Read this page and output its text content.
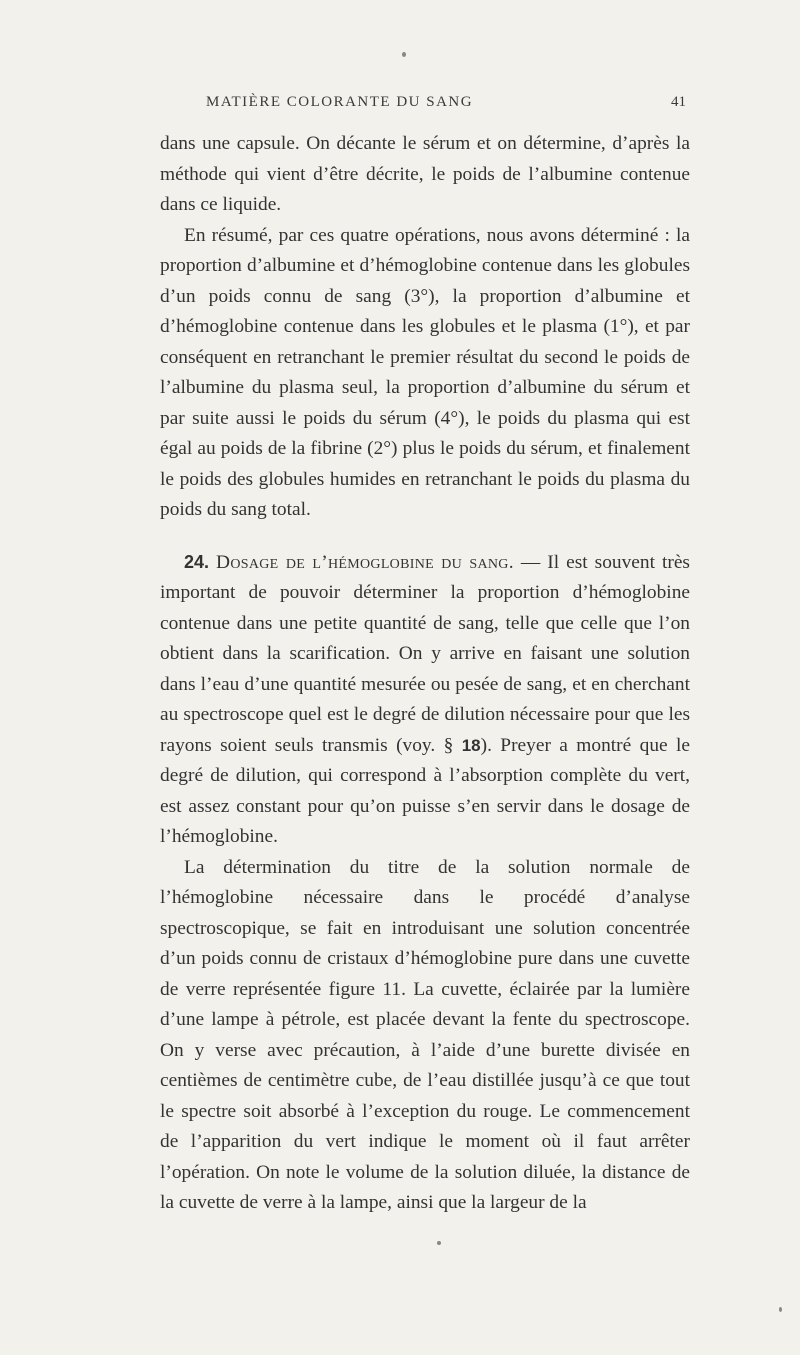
MATIÈRE COLORANTE DU SANG	41

dans une capsule. On décante le sérum et on détermine, d’après la méthode qui vient d’être décrite, le poids de l’albumine contenue dans ce liquide.

En résumé, par ces quatre opérations, nous avons déterminé : la proportion d’albumine et d’hémoglobine contenue dans les globules d’un poids connu de sang (3°), la proportion d’albumine et d’hémoglobine contenue dans les globules et le plasma (1°), et par conséquent en retranchant le premier résultat du second le poids de l’albumine du plasma seul, la proportion d’albumine du sérum et par suite aussi le poids du sérum (4°), le poids du plasma qui est égal au poids de la fibrine (2°) plus le poids du sérum, et finalement le poids des globules humides en retranchant le poids du plasma du poids du sang total.

24. Dosage de l’hémoglobine du sang. — Il est souvent très important de pouvoir déterminer la proportion d’hémoglobine contenue dans une petite quantité de sang, telle que celle que l’on obtient dans la scarification. On y arrive en faisant une solution dans l’eau d’une quantité mesurée ou pesée de sang, et en cherchant au spectroscope quel est le degré de dilution nécessaire pour que les rayons soient seuls transmis (voy. § 18). Preyer a montré que le degré de dilution, qui correspond à l’absorption complète du vert, est assez constant pour qu’on puisse s’en servir dans le dosage de l’hémoglobine.

La détermination du titre de la solution normale de l’hémoglobine nécessaire dans le procédé d’analyse spectroscopique, se fait en introduisant une solution concentrée d’un poids connu de cristaux d’hémoglobine pure dans une cuvette de verre représentée figure 11. La cuvette, éclairée par la lumière d’une lampe à pétrole, est placée devant la fente du spectroscope. On y verse avec précaution, à l’aide d’une burette divisée en centièmes de centimètre cube, de l’eau distillée jusqu’à ce que tout le spectre soit absorbé à l’exception du rouge. Le commencement de l’apparition du vert indique le moment où il faut arrêter l’opération. On note le volume de la solution diluée, la distance de la cuvette de verre à la lampe, ainsi que la largeur de la
